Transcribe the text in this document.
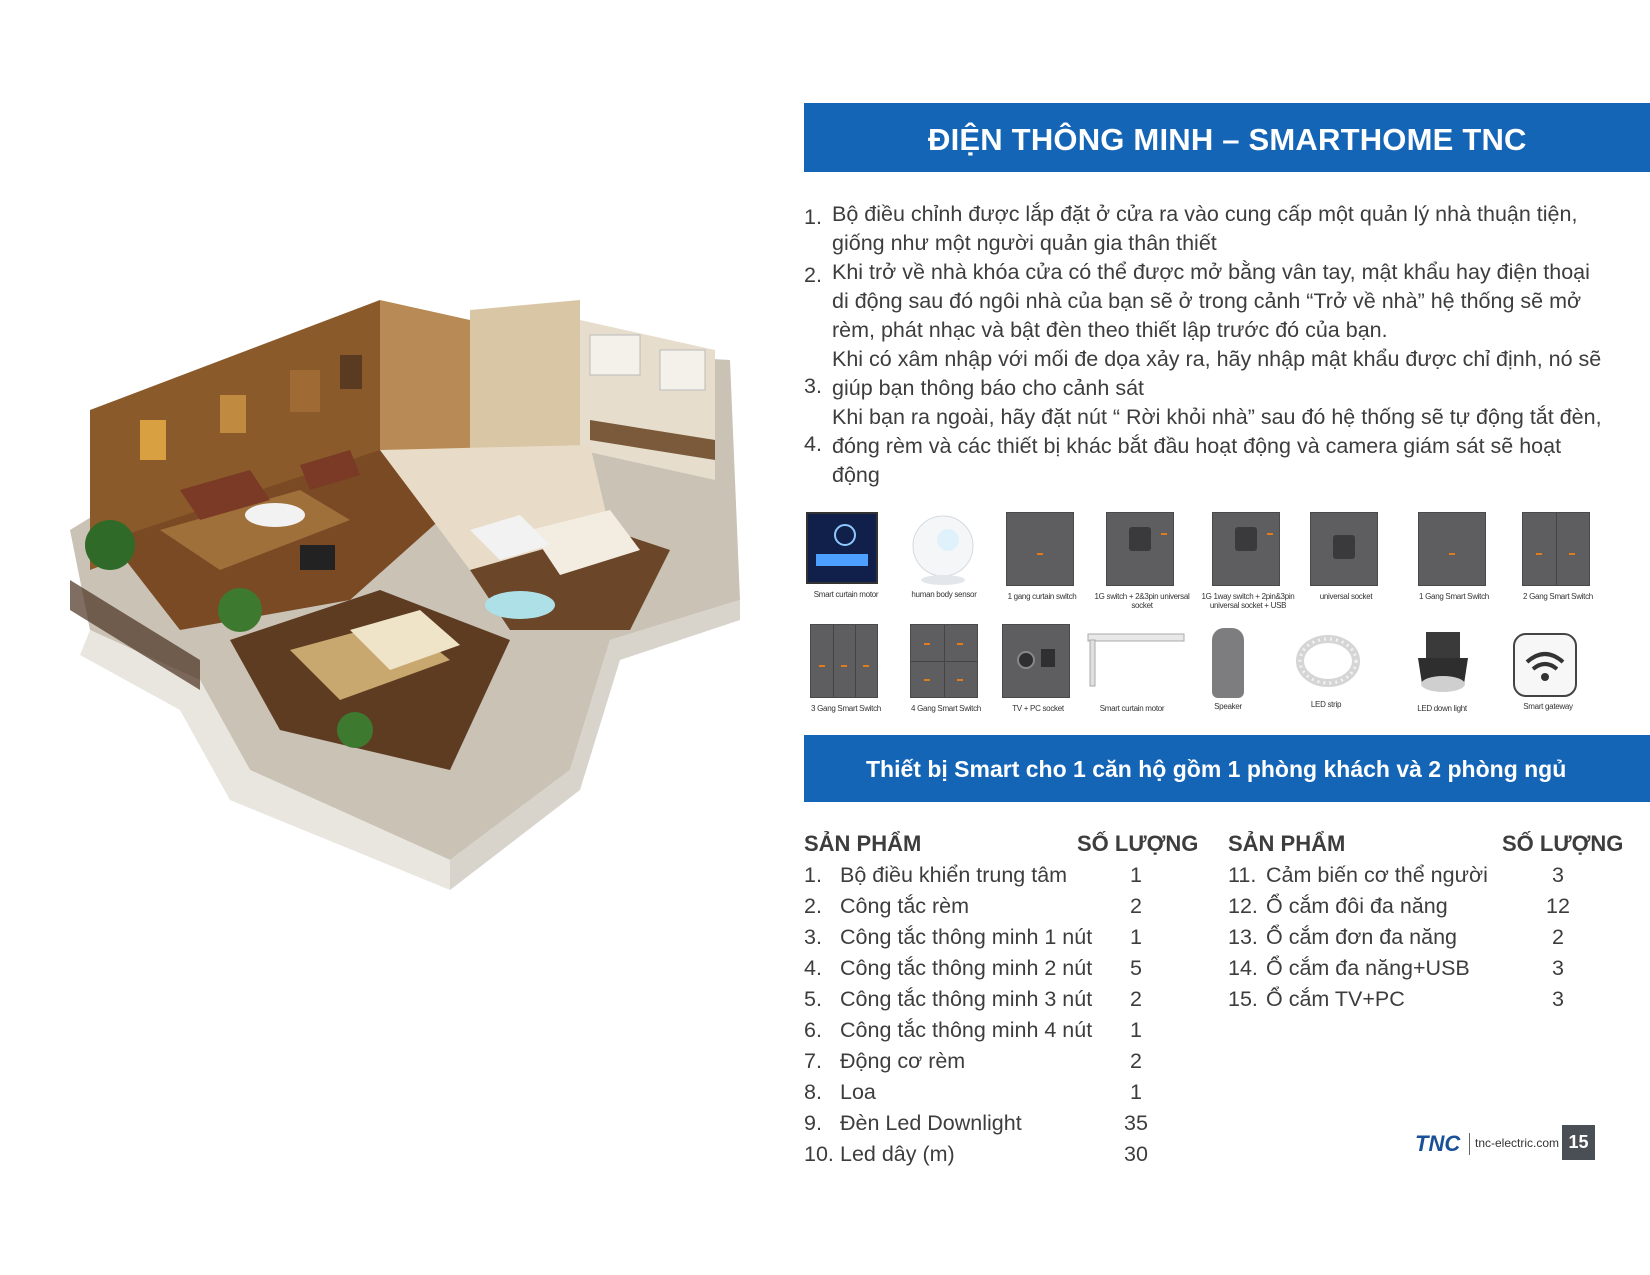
ĐIỆN THÔNG MINH – SMARTHOME TNC
1. Bộ điều chỉnh được lắp đặt ở cửa ra vào cung cấp một quản lý nhà thuận tiện, giống như một người quản gia thân thiết
2. Khi trở về nhà khóa cửa có thể được mở bằng vân tay, mật khẩu hay điện thoại di động sau đó ngôi nhà của bạn sẽ ở trong cảnh “Trở về nhà” hệ thống sẽ mở rèm, phát nhạc và bật đèn theo thiết lập trước đó của bạn.
3.
Khi có xâm nhập với mối đe dọa xảy ra, hãy nhập mật khẩu được chỉ định, nó sẽ giúp bạn thông báo cho cảnh sát
4.
Khi bạn ra ngoài, hãy đặt nút “ Rời khỏi nhà” sau đó hệ thống sẽ tự động tắt đèn, đóng rèm và các thiết bị khác bắt đầu hoạt động và camera giám sát sẽ hoạt động
Smart curtain motor	human body sensor	1 gang curtain switch	1G switch + 2&3pin universal socket
1G 1way switch + 2pin&3pin universal socket + USB
universal socket	1 Gang Smart Switch	2 Gang Smart Switch
3 Gang Smart Switch	4 Gang Smart Switch	TV + PC socket	Smart curtain motor	Speaker	LED strip	LED down light	Smart gateway
Thiết bị Smart cho 1 căn hộ gồm 1 phòng khách và 2 phòng ngủ
SẢN PHẨM	SỐ LƯỢNG SẢN PHẨM	SỐ LƯỢNG
1. Bộ điều khiển trung tâm	1
2. Công tắc rèm	2
3. Công tắc thông minh 1 nút	1
4. Công tắc thông minh 2 nút	5
5. Công tắc thông minh 3 nút	2
6. Công tắc thông minh 4 nút	1
7. Động cơ rèm	2
8. Loa	1
9. Đèn Led Downlight	35
10. Led dây (m)	30
11. Cảm biến cơ thể người	3
12. Ổ cắm đôi đa năng	12
13. Ổ cắm đơn đa năng	2
14. Ổ cắm đa năng+USB	3
15. Ổ cắm TV+PC	3
TNC tnc-electric.com 15
